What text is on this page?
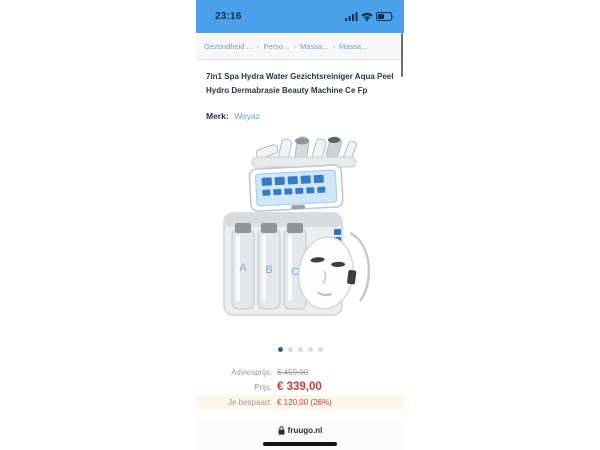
23:16
Gezondheid ... › Perso... › Massa... › Massa...
7in1 Spa Hydra Water Gezichtsreiniger Aqua Peel Hydro Dermabrasie Beauty Machine Ce Fp
Merk: Woyaz
A B C
Adviesprijs: € 459,00
Prijs: € 339,00
Je bespaart: € 120,00 (26%)
fruugo.nl
